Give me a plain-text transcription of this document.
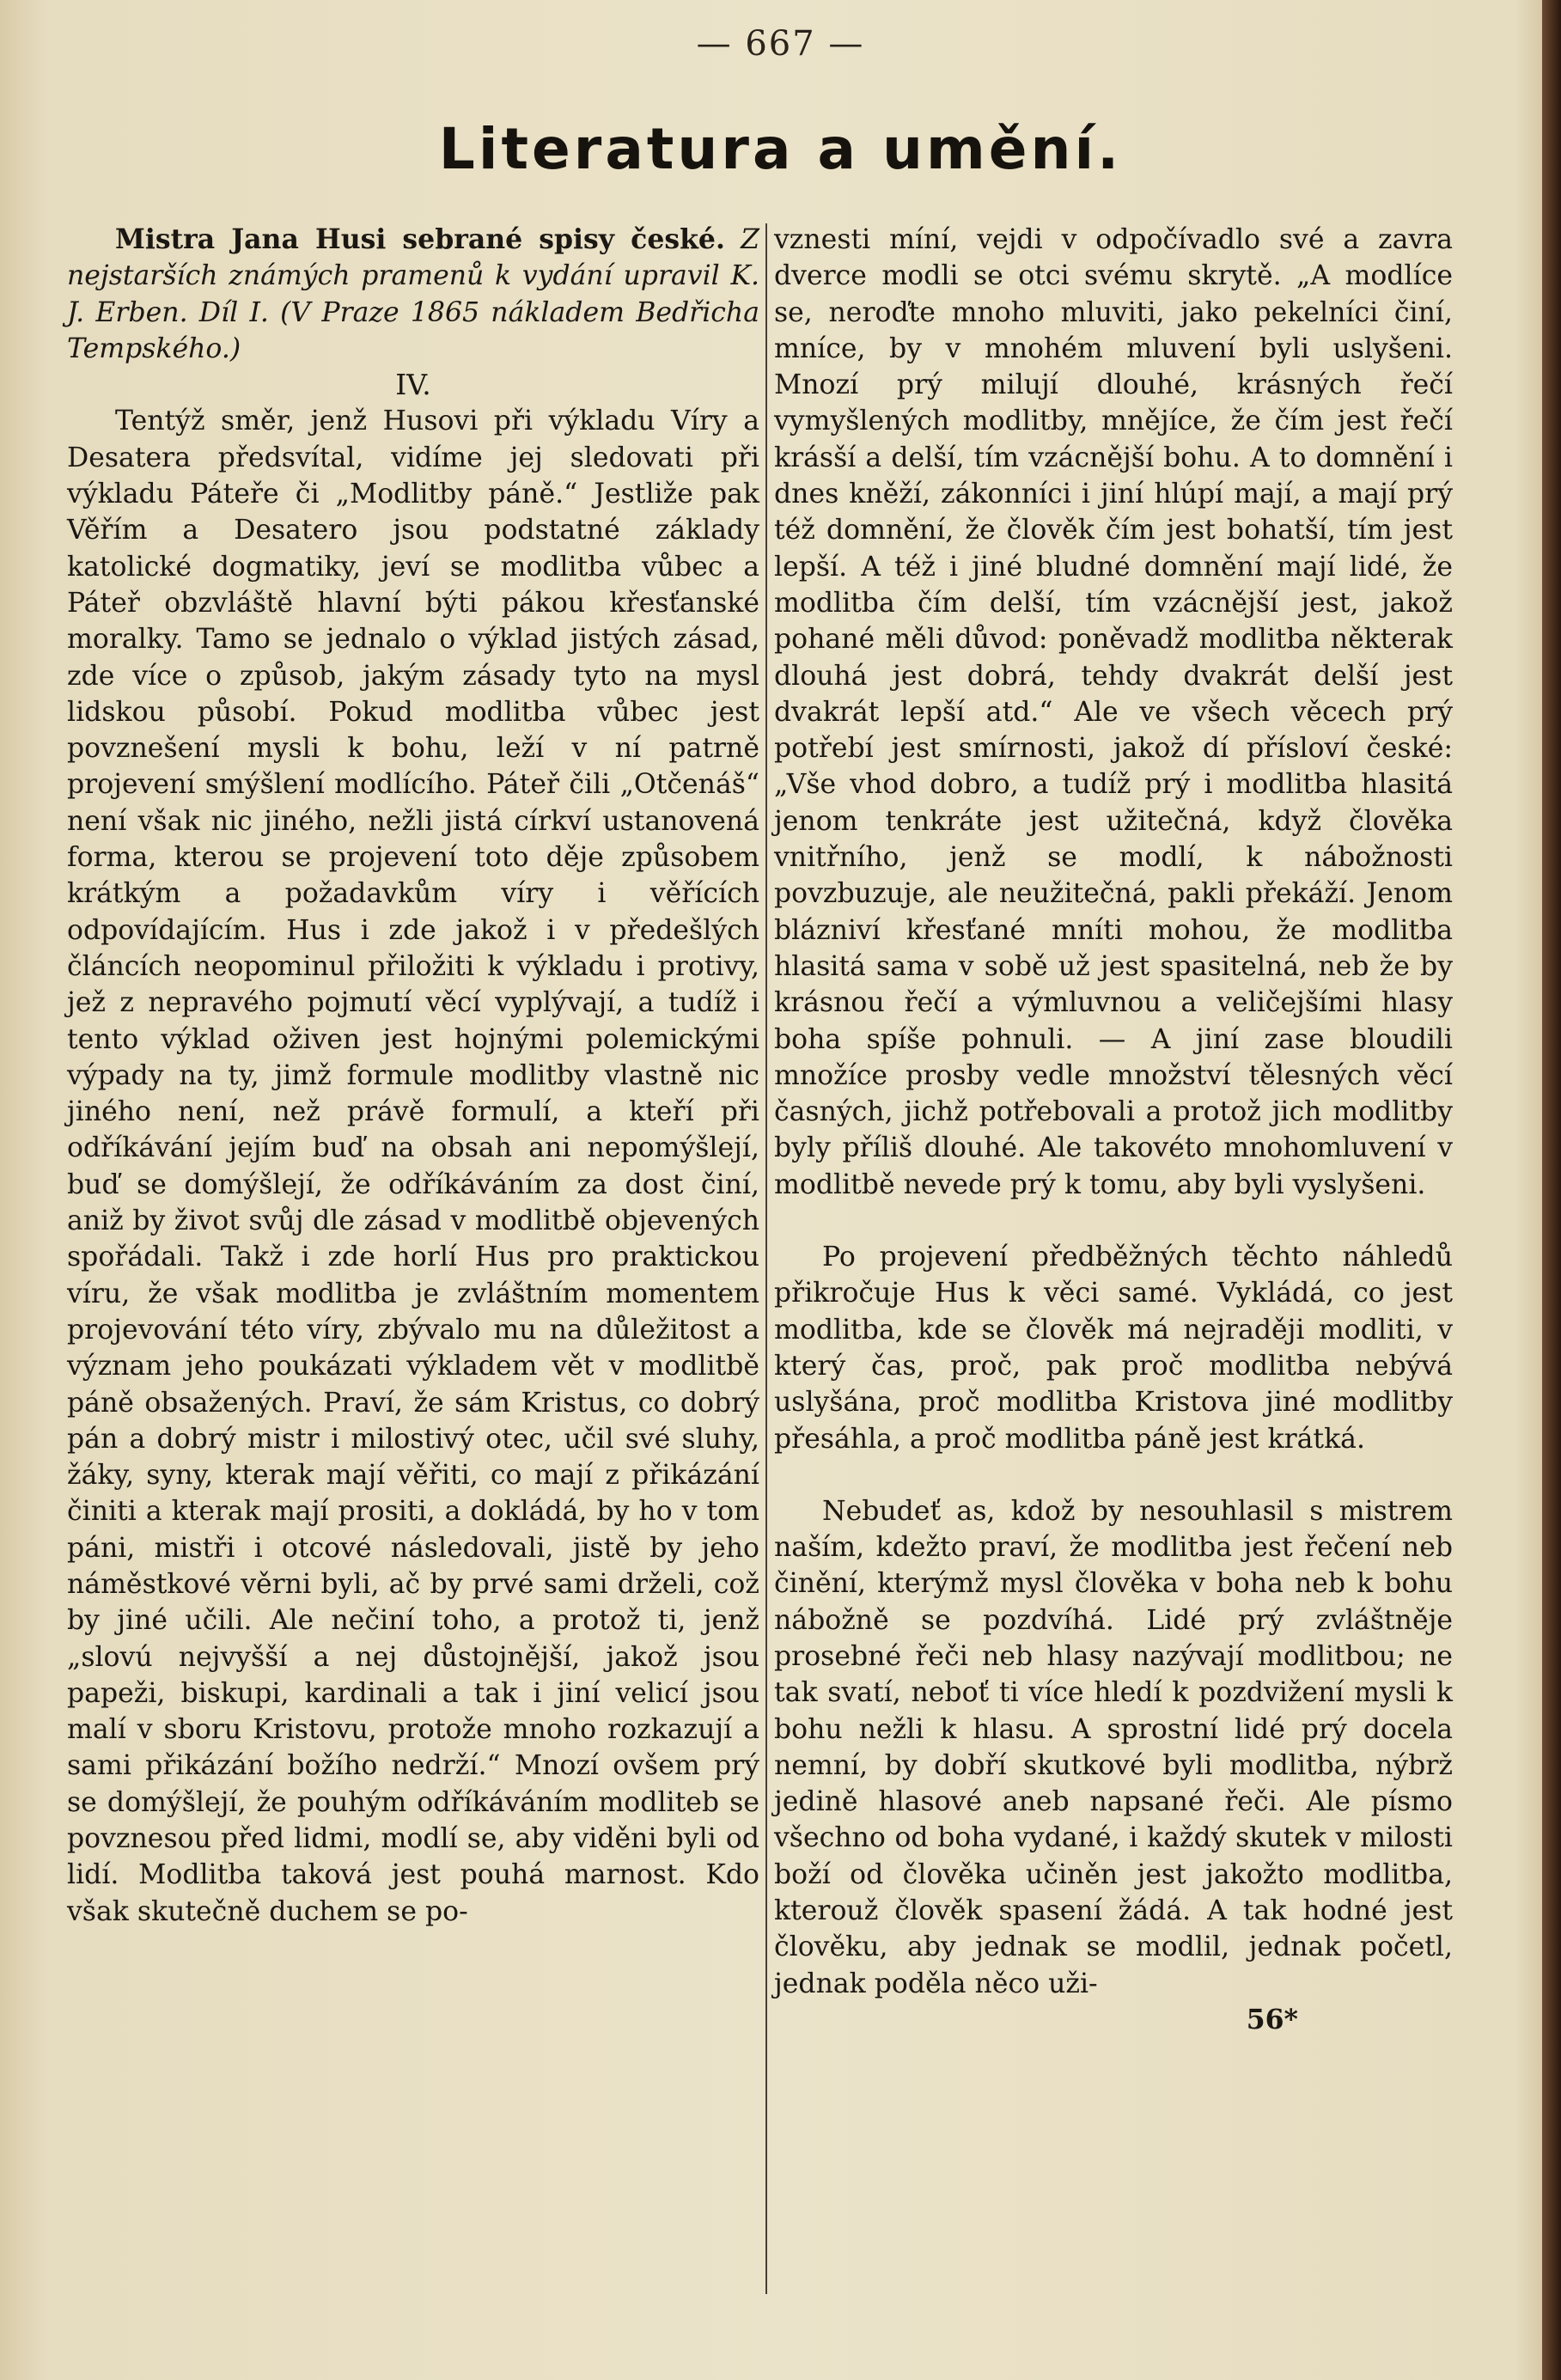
— 667 —
Literatura a umění.

Mistra Jana Husi sebrané spisy české. Z nejstarších známých pramenů k vydání upravil K. J. Erben. Díl I. (V Praze 1865 nákladem Bedřicha Tempského.)

IV.

Tentýž směr, jenž Husovi při výkladu Víry a Desatera předsvítal, vidíme jej sledovati při výkladu Páteře či „Modlitby páně.“ Jestliže pak Věřím a Desatero jsou podstatné základy katolické dogmatiky, jeví se modlitba vůbec a Páteř obzvláště hlavní býti pákou křesťanské moralky. Tamo se jednalo o výklad jistých zásad, zde více o způsob, jakým zásady tyto na mysl lidskou působí. Pokud modlitba vůbec jest povznešení mysli k bohu, leží v ní patrně projevení smýšlení modlícího. Páteř čili „Otčenáš“ není však nic jiného, nežli jistá církví ustanovená forma, kterou se projevení toto děje způsobem krátkým a požadavkům víry i věřících odpovídajícím. Hus i zde jakož i v předešlých článcích neopominul přiložiti k výkladu i protivy, jež z nepravého pojmutí věcí vyplývají, a tudíž i tento výklad oživen jest hojnými polemickými výpady na ty, jimž formule modlitby vlastně nic jiného není, než právě formulí, a kteří při odříkávání jejím buď na obsah ani nepomýšlejí, buď se domýšlejí, že odříkáváním za dost činí, aniž by život svůj dle zásad v modlitbě objevených spořádali. Takž i zde horlí Hus pro praktickou víru, že však modlitba je zvláštním momentem projevování této víry, zbývalo mu na důležitost a význam jeho poukázati výkladem vět v modlitbě páně obsažených. Praví, že sám Kristus, co dobrý pán a dobrý mistr i milostivý otec, učil své sluhy, žáky, syny, kterak mají věřiti, co mají z přikázání činiti a kterak mají prositi, a dokládá, by ho v tom páni, mistři i otcové následovali, jistě by jeho náměstkové věrni byli, ač by prvé sami drželi, což by jiné učili. Ale nečiní toho, a protož ti, jenž „slovú nejvyšší a nej důstojnější, jakož jsou papeži, biskupi, kardinali a tak i jiní velicí jsou malí v sboru Kristovu, protože mnoho rozkazují a sami přikázání božího nedrží.“ Mnozí ovšem prý se domýšlejí, že pouhým odříkáváním modliteb se povznesou před lidmi, modlí se, aby viděni byli od lidí. Modlitba taková jest pouhá marnost. Kdo však skutečně duchem se po-

vznesti míní, vejdi v odpočívadlo své a zavra dverce modli se otci svému skrytě. „A modlíce se, neroďte mnoho mluviti, jako pekelníci činí, mníce, by v mnohém mluvení byli uslyšeni. Mnozí prý milují dlouhé, krásných řečí vymyšlených modlitby, mnějíce, že čím jest řečí krásší a delší, tím vzácnější bohu. A to domnění i dnes kněží, zákonníci i jiní hlúpí mají, a mají prý též domnění, že člověk čím jest bohatší, tím jest lepší. A též i jiné bludné domnění mají lidé, že modlitba čím delší, tím vzácnější jest, jakož pohané měli důvod: poněvadž modlitba některak dlouhá jest dobrá, tehdy dvakrát delší jest dvakrát lepší atd.“ Ale ve všech věcech prý potřebí jest smírnosti, jakož dí přísloví české: „Vše vhod dobro, a tudíž prý i modlitba hlasitá jenom tenkráte jest užitečná, když člověka vnitřního, jenž se modlí, k nábožnosti povzbuzuje, ale neužitečná, pakli překáží. Jenom blázniví křesťané mníti mohou, že modlitba hlasitá sama v sobě už jest spasitelná, neb že by krásnou řečí a výmluvnou a veličejšími hlasy boha spíše pohnuli. — A jiní zase bloudili množíce prosby vedle množství tělesných věcí časných, jichž potřebovali a protož jich modlitby byly příliš dlouhé. Ale takovéto mnohomluvení v modlitbě nevede prý k tomu, aby byli vyslyšeni.

Po projevení předběžných těchto náhledů přikročuje Hus k věci samé. Vykládá, co jest modlitba, kde se člověk má nejraději modliti, v který čas, proč, pak proč modlitba nebývá uslyšána, proč modlitba Kristova jiné modlitby přesáhla, a proč modlitba páně jest krátká.

Nebudeť as, kdož by nesouhlasil s mistrem naším, kdežto praví, že modlitba jest řečení neb činění, kterýmž mysl člověka v boha neb k bohu nábožně se pozdvíhá. Lidé prý zvláštněje prosebné řeči neb hlasy nazývají modlitbou; ne tak svatí, neboť ti více hledí k pozdvižení mysli k bohu nežli k hlasu. A sprostní lidé prý docela nemní, by dobří skutkové byli modlitba, nýbrž jedině hlasové aneb napsané řeči. Ale písmo všechno od boha vydané, i každý skutek v milosti boží od člověka učiněn jest jakožto modlitba, kterouž člověk spasení žádá. A tak hodné jest člověku, aby jednak se modlil, jednak početl, jednak poděla něco uži-

56*
